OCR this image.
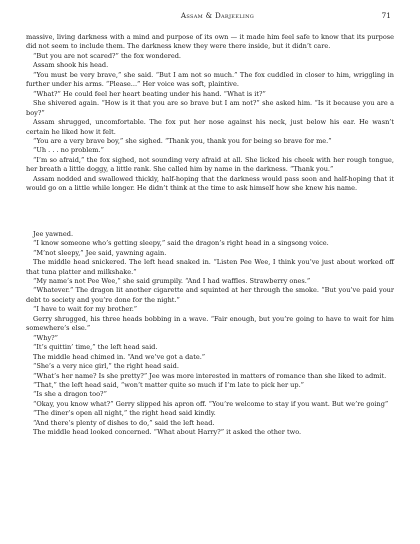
Assam & Darjeeling	71

massive, living darkness with a mind and purpose of its own — it made him feel safe to know that its purpose did not seem to include them. The darkness knew they were there inside, but it didn’t care.

“But you are not scared?” the fox wondered.

Assam shook his head.

“You must be very brave,” she said. “But I am not so much.” The fox cuddled in closer to him, wriggling in further under his arms. “Please...” Her voice was soft, plaintive.

“What?” He could feel her heart beating under his hand. “What is it?”

She shivered again. “How is it that you are so brave but I am not?” she asked him. “Is it because you are a boy?”

Assam shrugged, uncomfortable. The fox put her nose against his neck, just below his ear. He wasn’t certain he liked how it felt.

“You are a very brave boy,” she sighed. “Thank you, thank you for being so brave for me.”

“Uh . . . no problem.”

“I’m so afraid,” the fox sighed, not sounding very afraid at all. She licked his cheek with her rough tongue, her breath a little doggy, a little rank. She called him by name in the darkness. “Thank you.”

Assam nodded and swallowed thickly, half-hoping that the darkness would pass soon and half-hoping that it would go on a little while longer. He didn’t think at the time to ask himself how she knew his name.

Jee yawned.

“I know someone who’s getting sleepy,” said the dragon’s right head in a singsong voice.

“M’not sleepy,” Jee said, yawning again.

The middle head snickered. The left head snaked in. “Listen Pee Wee, I think you’ve just about worked off that tuna platter and milkshake.”

“My name’s not Pee Wee,” she said grumpily. “And I had waffles. Strawberry ones.”

“Whatever.” The dragon lit another cigarette and squinted at her through the smoke. “But you’ve paid your debt to society and you’re done for the night.”

“I have to wait for my brother.”

Gerry shrugged, his three heads bobbing in a wave. “Fair enough, but you’re going to have to wait for him somewhere’s else.”

“Why?”

“It’s quittin’ time,” the left head said.

The middle head chimed in. “And we’ve got a date.”

“She’s a very nice girl,” the right head said.

“What’s her name? Is she pretty?” Jee was more interested in matters of romance than she liked to admit.

“That,” the left head said, “won’t matter quite so much if I’m late to pick her up.”

“Is she a dragon too?”

“Okay, you know what?” Gerry slipped his apron off. “You’re welcome to stay if you want. But we’re going”

“The diner’s open all night,” the right head said kindly.

“And there’s plenty of dishes to do,” said the left head.

The middle head looked concerned. “What about Harry?” it asked the other two.
